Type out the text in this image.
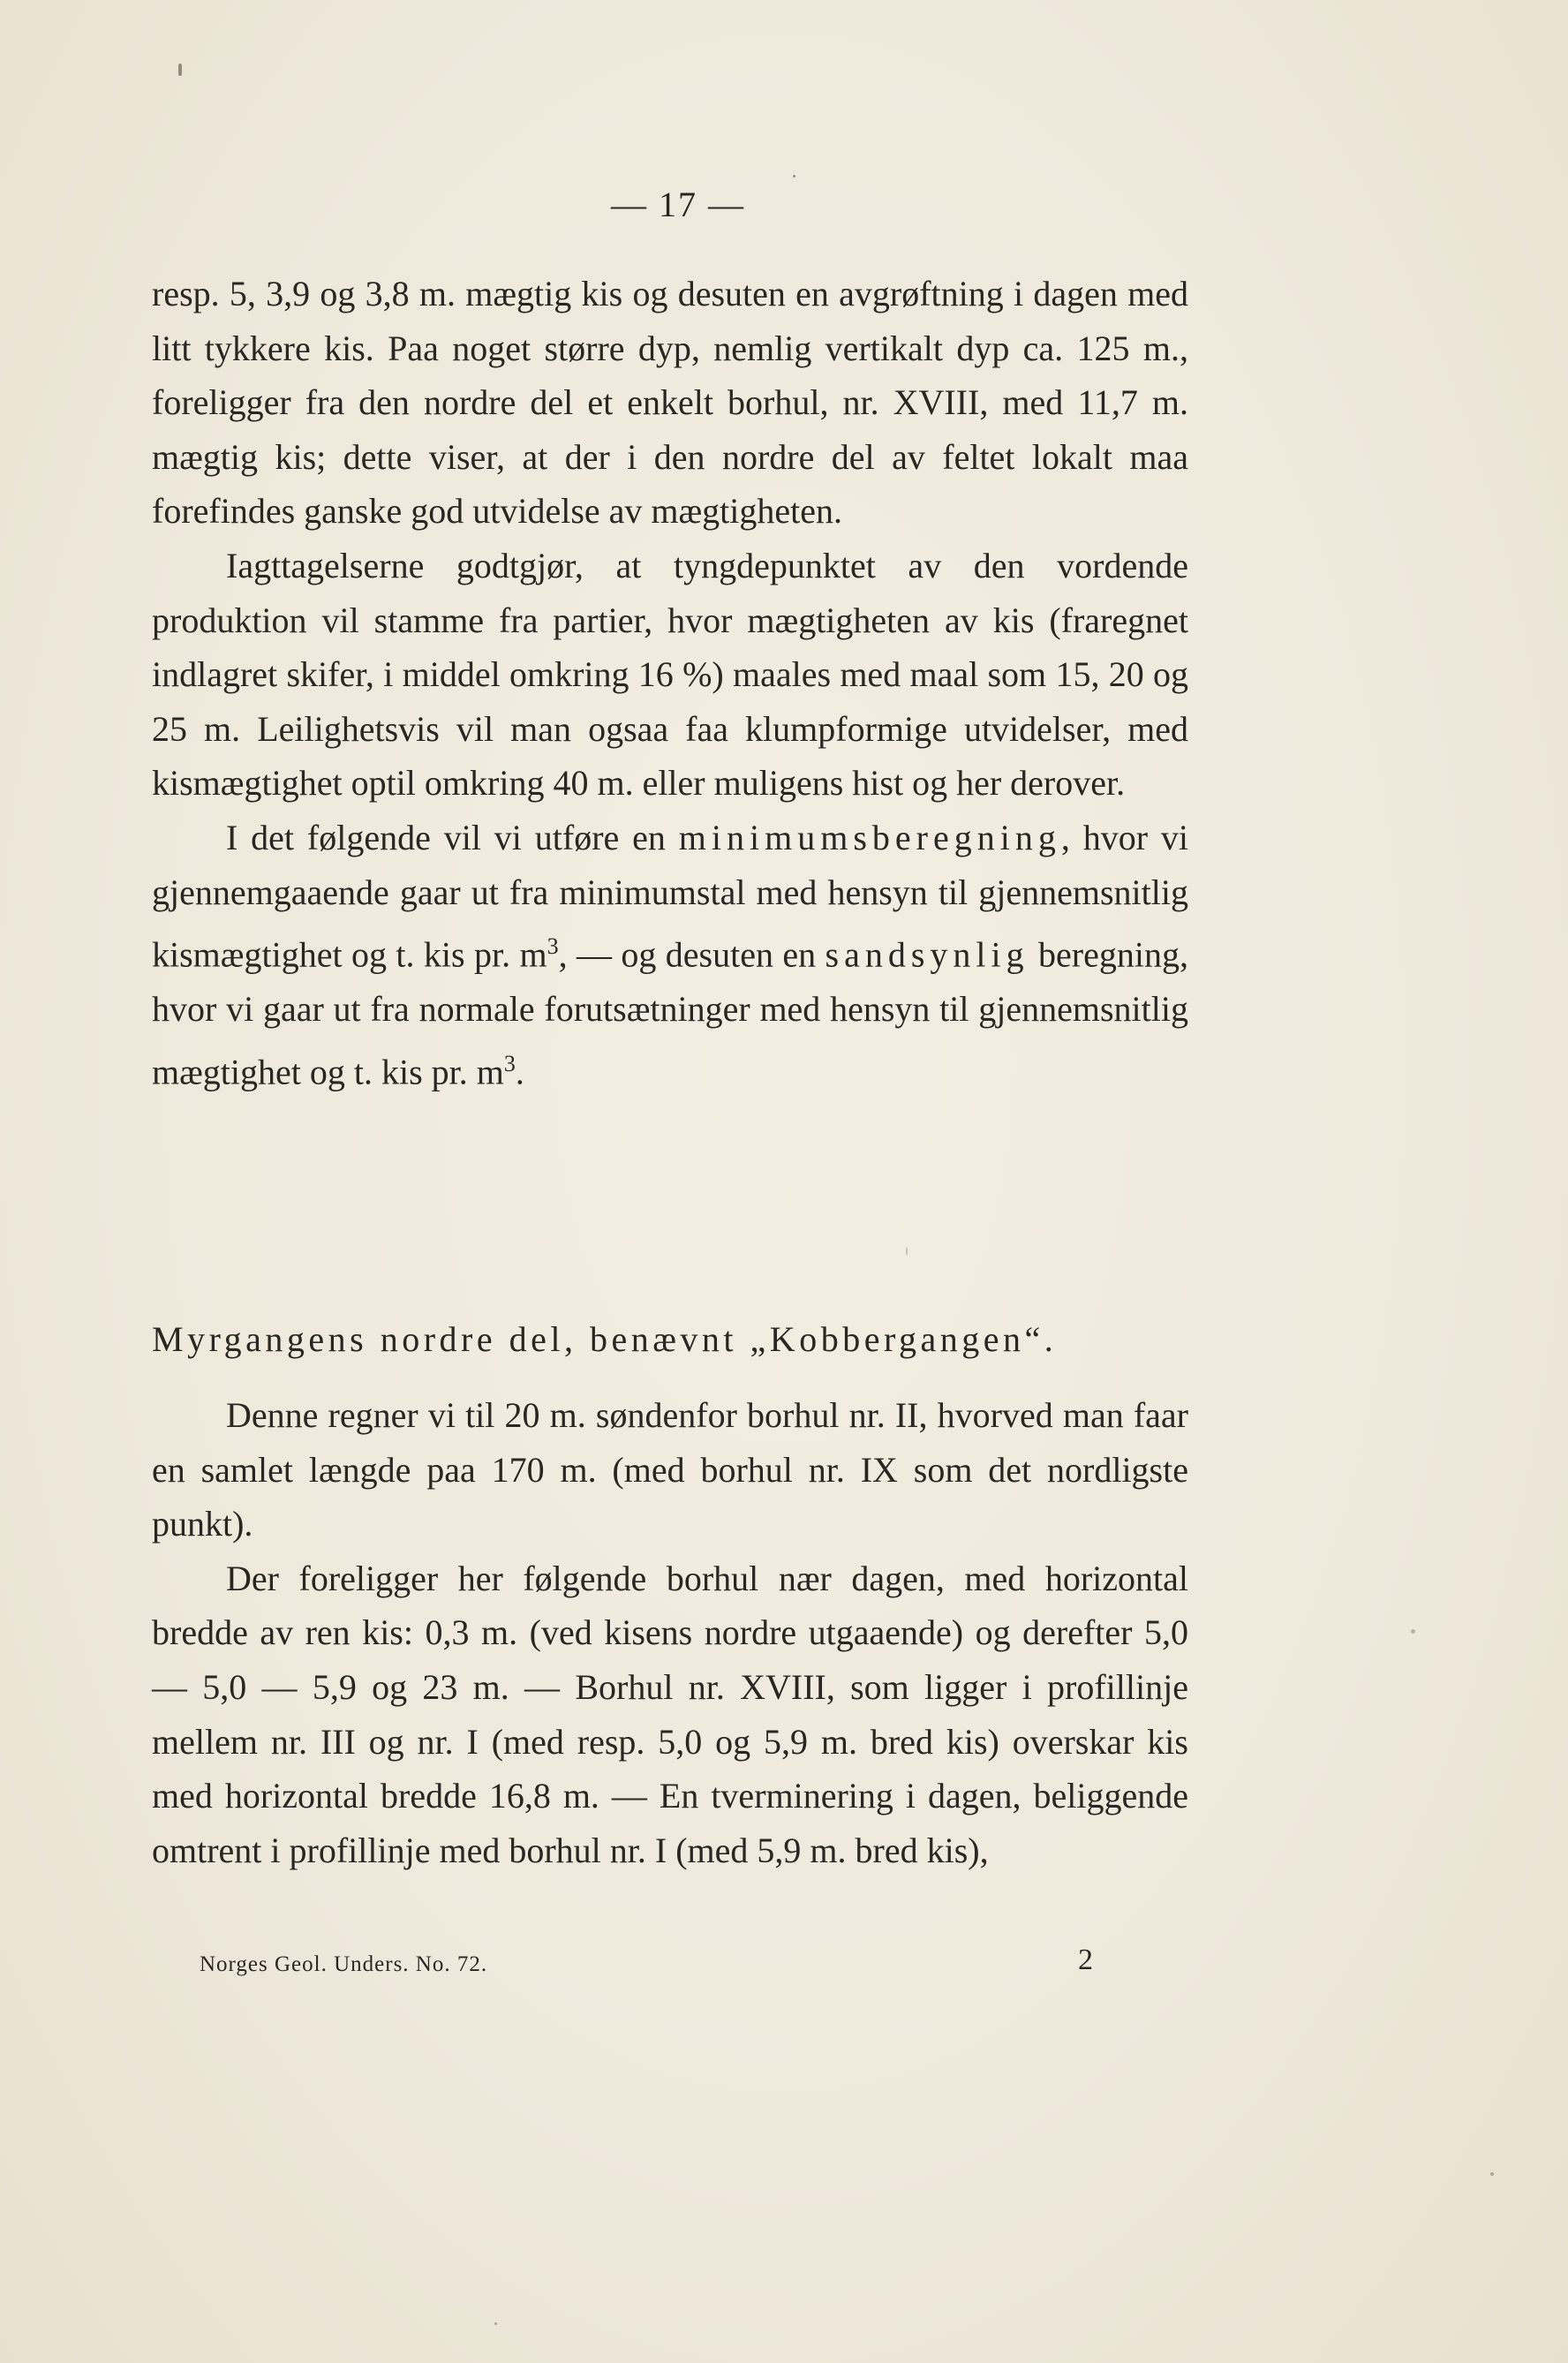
— 17 —

resp. 5, 3,9 og 3,8 m. mægtig kis og desuten en avgrøftning i dagen med litt tykkere kis. Paa noget større dyp, nemlig vertikalt dyp ca. 125 m., foreligger fra den nordre del et enkelt borhul, nr. XVIII, med 11,7 m. mægtig kis; dette viser, at der i den nordre del av feltet lokalt maa forefindes ganske god utvidelse av mægtigheten.

Iagttagelserne godtgjør, at tyngdepunktet av den vordende produktion vil stamme fra partier, hvor mægtigheten av kis (fraregnet indlagret skifer, i middel omkring 16 %) maales med maal som 15, 20 og 25 m. Leilighetsvis vil man ogsaa faa klumpformige utvidelser, med kismægtighet optil omkring 40 m. eller muligens hist og her derover.

I det følgende vil vi utføre en minimumsberegning, hvor vi gjennemgaaende gaar ut fra minimumstal med hensyn til gjennemsnitlig kismægtighet og t. kis pr. $m^3$, — og desuten en sandsynlig beregning, hvor vi gaar ut fra normale forutsætninger med hensyn til gjennemsnitlig mægtighet og t. kis pr. $m^3$.

Myrgangens nordre del, benævnt „Kobbergangen“.

Denne regner vi til 20 m. søndenfor borhul nr. II, hvorved man faar en samlet længde paa 170 m. (med borhul nr. IX som det nordligste punkt).

Der foreligger her følgende borhul nær dagen, med horizontal bredde av ren kis: 0,3 m. (ved kisens nordre utgaaende) og derefter 5,0 — 5,0 — 5,9 og 23 m. — Borhul nr. XVIII, som ligger i profillinje mellem nr. III og nr. I (med resp. 5,0 og 5,9 m. bred kis) overskar kis med horizontal bredde 16,8 m. — En tverminering i dagen, beliggende omtrent i profillinje med borhul nr. I (med 5,9 m. bred kis),

Norges Geol. Unders. No. 72.	2
